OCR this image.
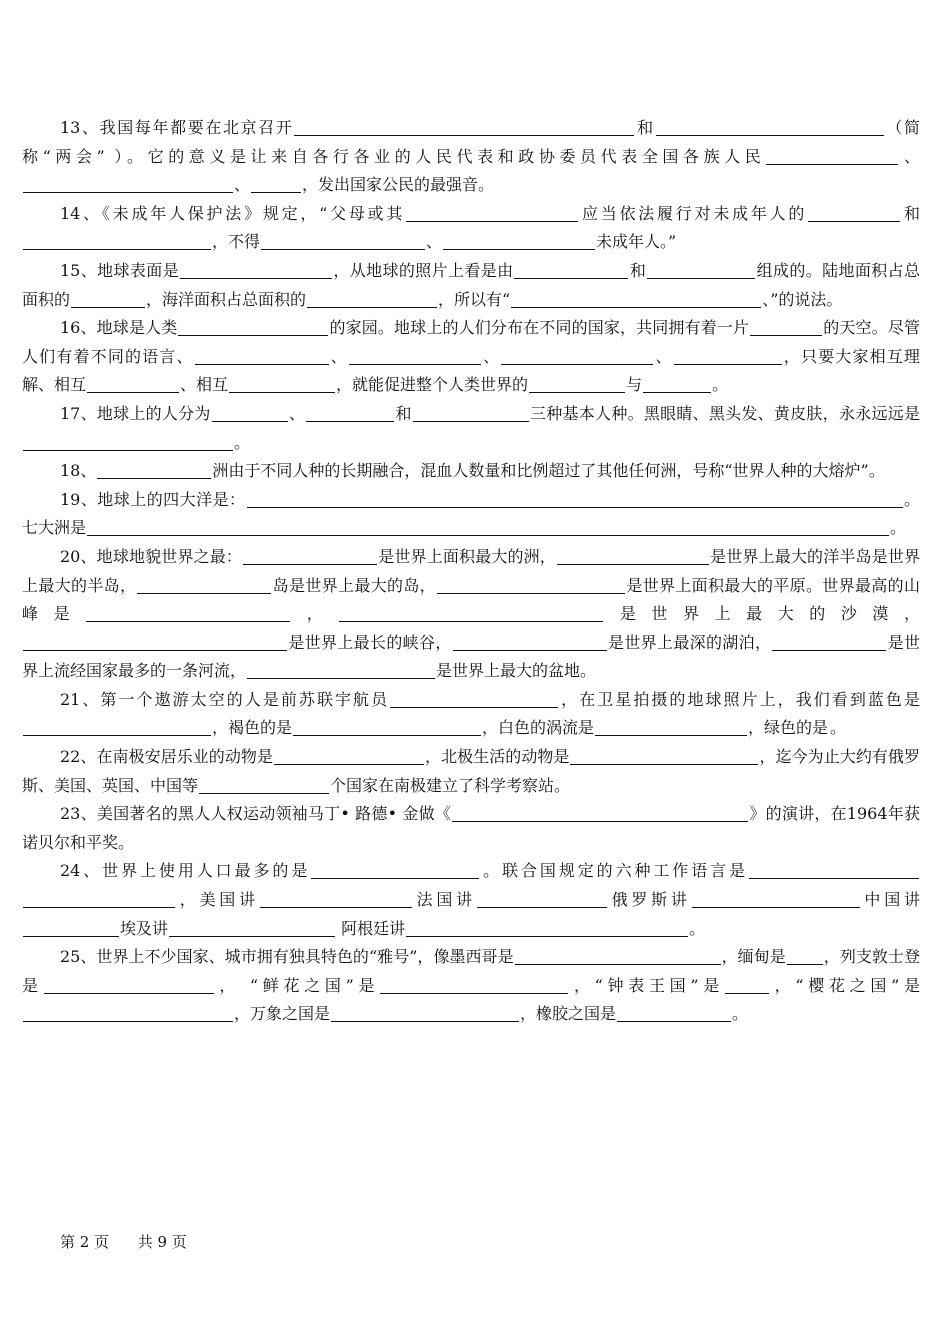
13、我国每年都要在北京召开	和	（简称“两会” ）。它的意义是让来自各行各业的人民代表和政协委员代表全国各族人民	、、	，发出国家公民的最强音。

14、《未成年人保护法》规定，“父母或其	应当依法履行对未成年人的	和，不得	、	未成年人。”

15、地球表面是	，从地球的照片上看是由	和	组成的。陆地面积占总面积的	，海洋面积占总面积的	，所以有“	、”的说法。

16、地球是人类	的家园。地球上的人们分布在不同的国家，共同拥有着一片	的天空。尽管人们有着不同的语言、	、	、	、	，只要大家相互理解、相互	、相互	，就能促进整个人类世界的	与	。

17、地球上的人分为	、	和	三种基本人种。黑眼睛、黑头发、黄皮肤，永永远远是。

18、	洲由于不同人种的长期融合，混血人数量和比例超过了其他任何洲，号称“世界人种的大熔炉”。

19、地球上的四大洋是：	。七大洲是	。

20、地球地貌世界之最：	是世界上面积最大的洲，	是世界上最大的洋半岛是世界上最大的半岛，	岛是世界上最大的岛，	是世界上面积最大的平原。世界最高的山峰是	，	是世界上最大的沙漠，是世界上最长的峡谷，	是世界上最深的湖泊，	是世界上流经国家最多的一条河流，	是世界上最大的盆地。

21、第一个遨游太空的人是前苏联宇航员	，在卫星拍摄的地球照片上，我们看到蓝色是，褐色的是	，白色的涡流是	，绿色的是 。

22、在南极安居乐业的动物是	，北极生活的动物是	，迄今为止大约有俄罗斯、美国、英国、中国等	个国家在南极建立了科学考察站。

23、美国著名的黑人人权运动领袖马丁• 路德• 金做《	》的演讲，在1964年获诺贝尔和平奖。

24、世界上使用人口最多的是	。联合国规定的六种工作语言是，美国讲	法国讲	俄罗斯讲	中国讲埃及讲	阿根廷讲	。

25、世界上不少国家、城市拥有独具特色的“雅号”，像墨西哥是	，缅甸是 ，列支敦士登是	， “鲜花之国”是	，“钟表王国”是	，“樱花之国”是，万象之国是	，橡胶之国是	。

第 2 页 共 9 页
